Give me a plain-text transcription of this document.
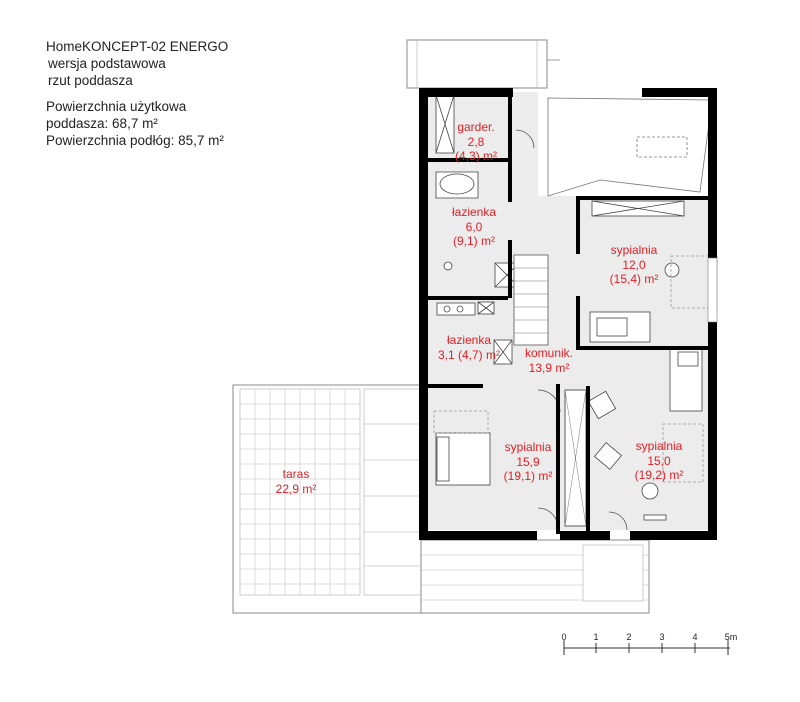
HomeKONCEPT-02 ENERGO
wersja podstawowa
rzut poddasza
Powierzchnia użytkowa
poddasza: 68,7 m²
Powierzchnia podłóg: 85,7 m²
garder.
2,8
(4,3) m²
łazienka
6,0
(9,1) m²
łazienka
3,1 (4,7) m² komunik.
13,9 m²
sypialnia
12,0
(15,4) m²
sypialnia
15,9
(19,1) m²
sypialnia
15,0
(19,2) m²
taras
22,9 m²
0	1	2	3	4	5m
